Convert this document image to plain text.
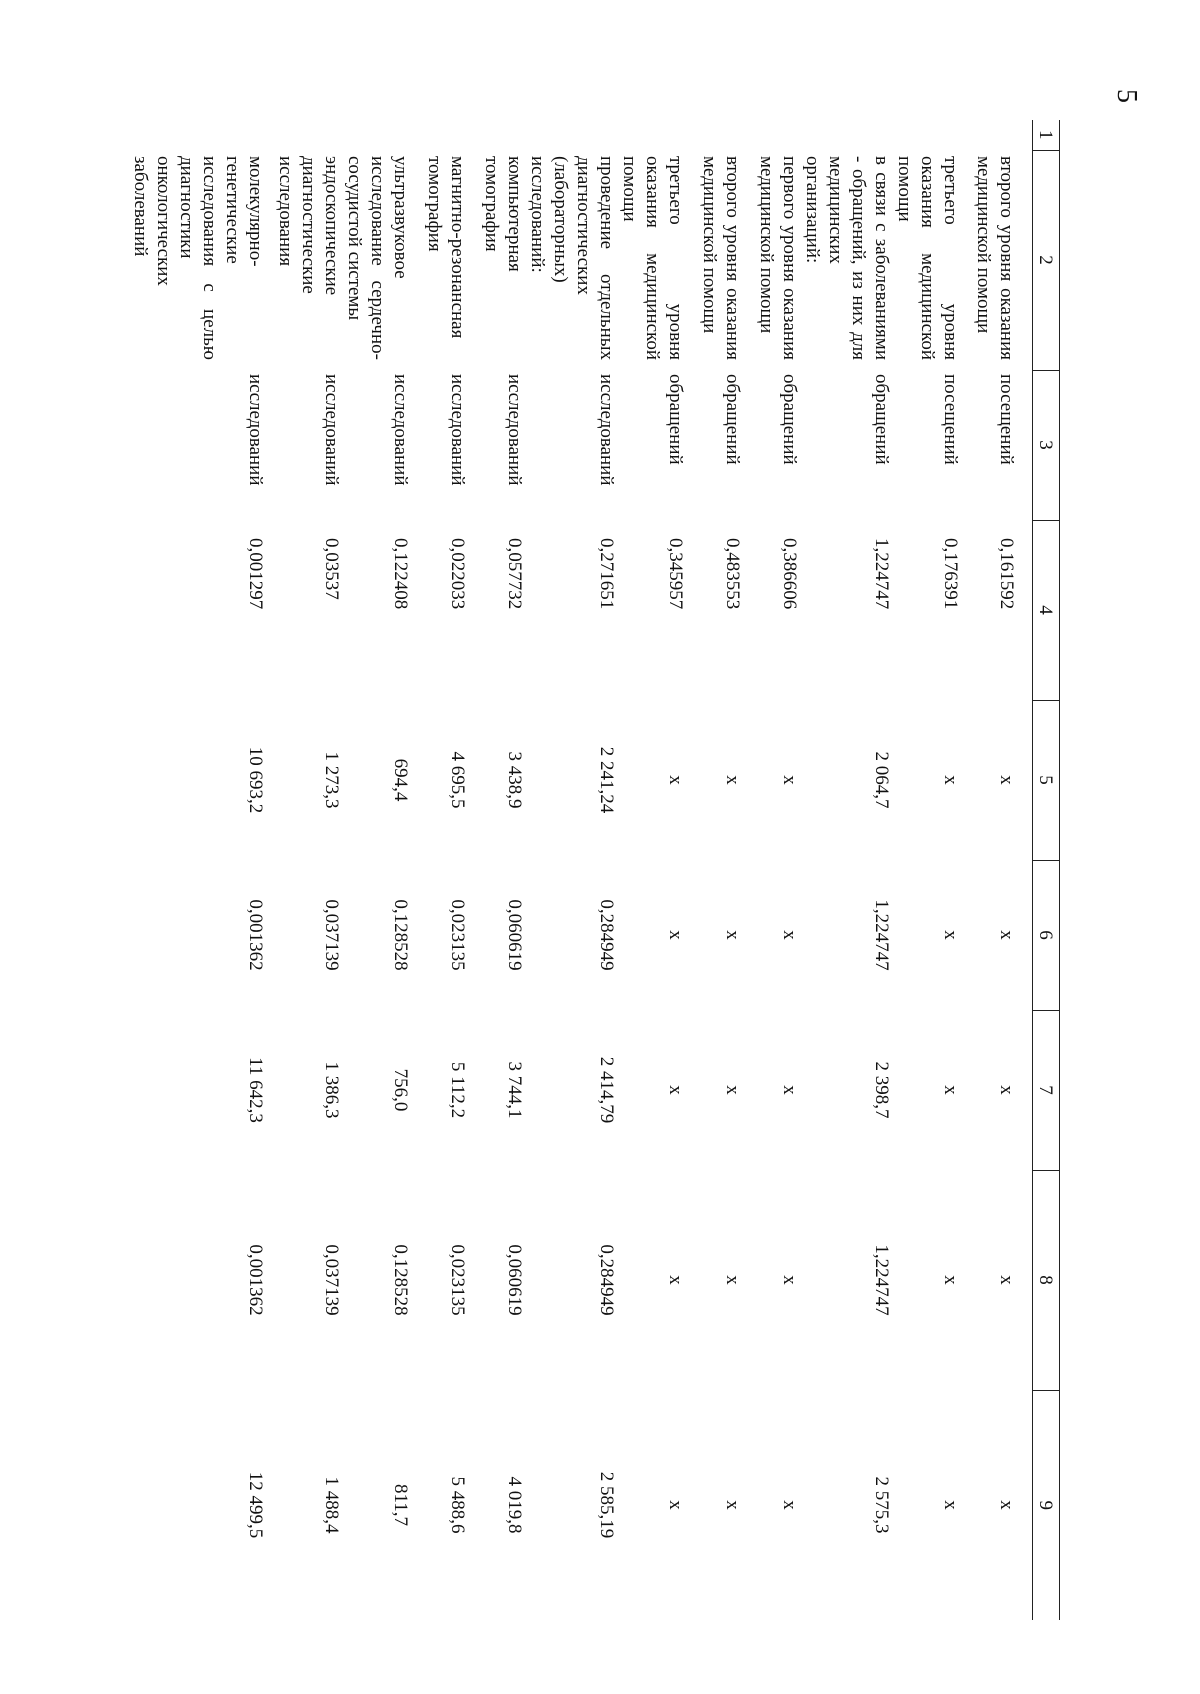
5
1	2	3	4	5	6	7	8	9
	второго уровня оказания медицинской помощи	посещений	0,161592	x	x	x	x	x
	третьего уровня оказания медицинской помощи	посещений	0,176391	x	x	x	x	x
	в связи с заболеваниями - обращений, из них для медицинских организаций:	обращений	1,224747	2 064,7	1,224747	2 398,7	1,224747	2 575,3
	первого уровня оказания медицинской помощи	обращений	0,386606	x	x	x	x	x
	второго уровня оказания медицинской помощи	обращений	0,483553	x	x	x	x	x
	третьего уровня оказания медицинской помощи	обращений	0,345957	x	x	x	x	x
	проведение отдельных диагностических (лабораторных) исследований:	исследований	0,271651	2 241,24	0,284949	2 414,79	0,284949	2 585,19
	компьютерная томография	исследований	0,057732	3 438,9	0,060619	3 744,1	0,060619	4 019,8
	магнитно-резонансная томография	исследований	0,022033	4 695,5	0,023135	5 112,2	0,023135	5 488,6
	ультразвуковое исследование сердечно-сосудистой системы	исследований	0,122408	694,4	0,128528	756,0	0,128528	811,7
	эндоскопические диагностические исследования	исследований	0,03537	1 273,3	0,037139	1 386,3	0,037139	1 488,4
	молекулярно-генетические исследования с целью диагностики онкологических заболеваний	исследований	0,001297	10 693,2	0,001362	11 642,3	0,001362	12 499,5
